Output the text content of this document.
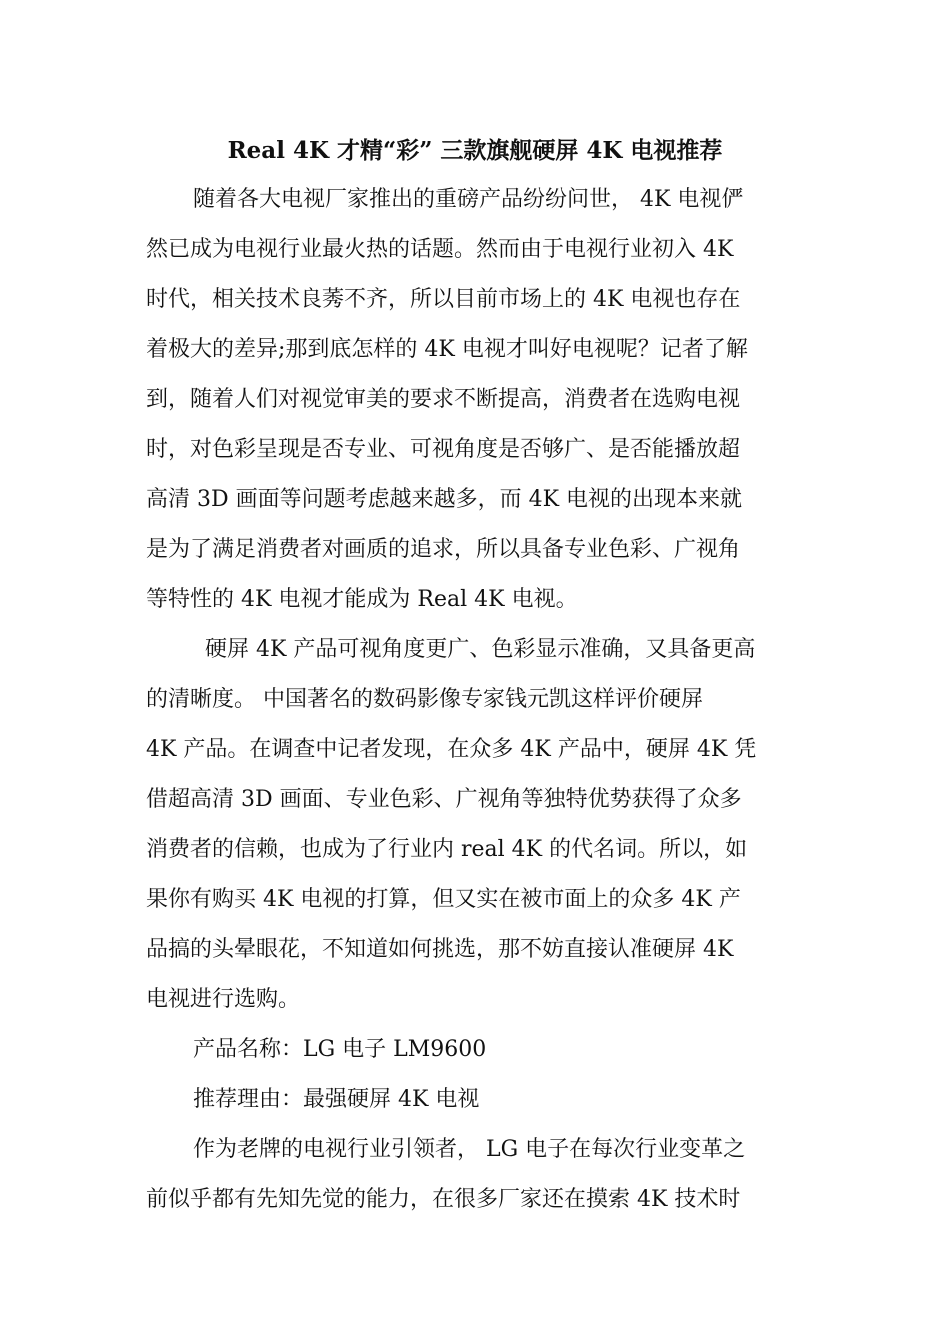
Real 4K 才精“彩” 三款旗舰硬屏 4K 电视推荐
随着各大电视厂家推出的重磅产品纷纷问世， 4K 电视俨
然已成为电视行业最火热的话题。然而由于电视行业初入 4K
时代，相关技术良莠不齐，所以目前市场上的 4K 电视也存在
着极大的差异;那到底怎样的 4K 电视才叫好电视呢？记者了解
到，随着人们对视觉审美的要求不断提高，消费者在选购电视
时，对色彩呈现是否专业、可视角度是否够广、是否能播放超
高清 3D 画面等问题考虑越来越多，而 4K 电视的出现本来就
是为了满足消费者对画质的追求，所以具备专业色彩、广视角
等特性的 4K 电视才能成为 Real 4K 电视。
硬屏 4K 产品可视角度更广、色彩显示准确，又具备更高
的清晰度。 中国著名的数码影像专家钱元凯这样评价硬屏
4K 产品。在调查中记者发现，在众多 4K 产品中，硬屏 4K 凭
借超高清 3D 画面、专业色彩、广视角等独特优势获得了众多
消费者的信赖，也成为了行业内 real 4K 的代名词。所以，如
果你有购买 4K 电视的打算，但又实在被市面上的众多 4K 产
品搞的头晕眼花，不知道如何挑选，那不妨直接认准硬屏 4K
电视进行选购。
产品名称：LG 电子 LM9600
推荐理由：最强硬屏 4K 电视
作为老牌的电视行业引领者， LG 电子在每次行业变革之
前似乎都有先知先觉的能力，在很多厂家还在摸索 4K 技术时
